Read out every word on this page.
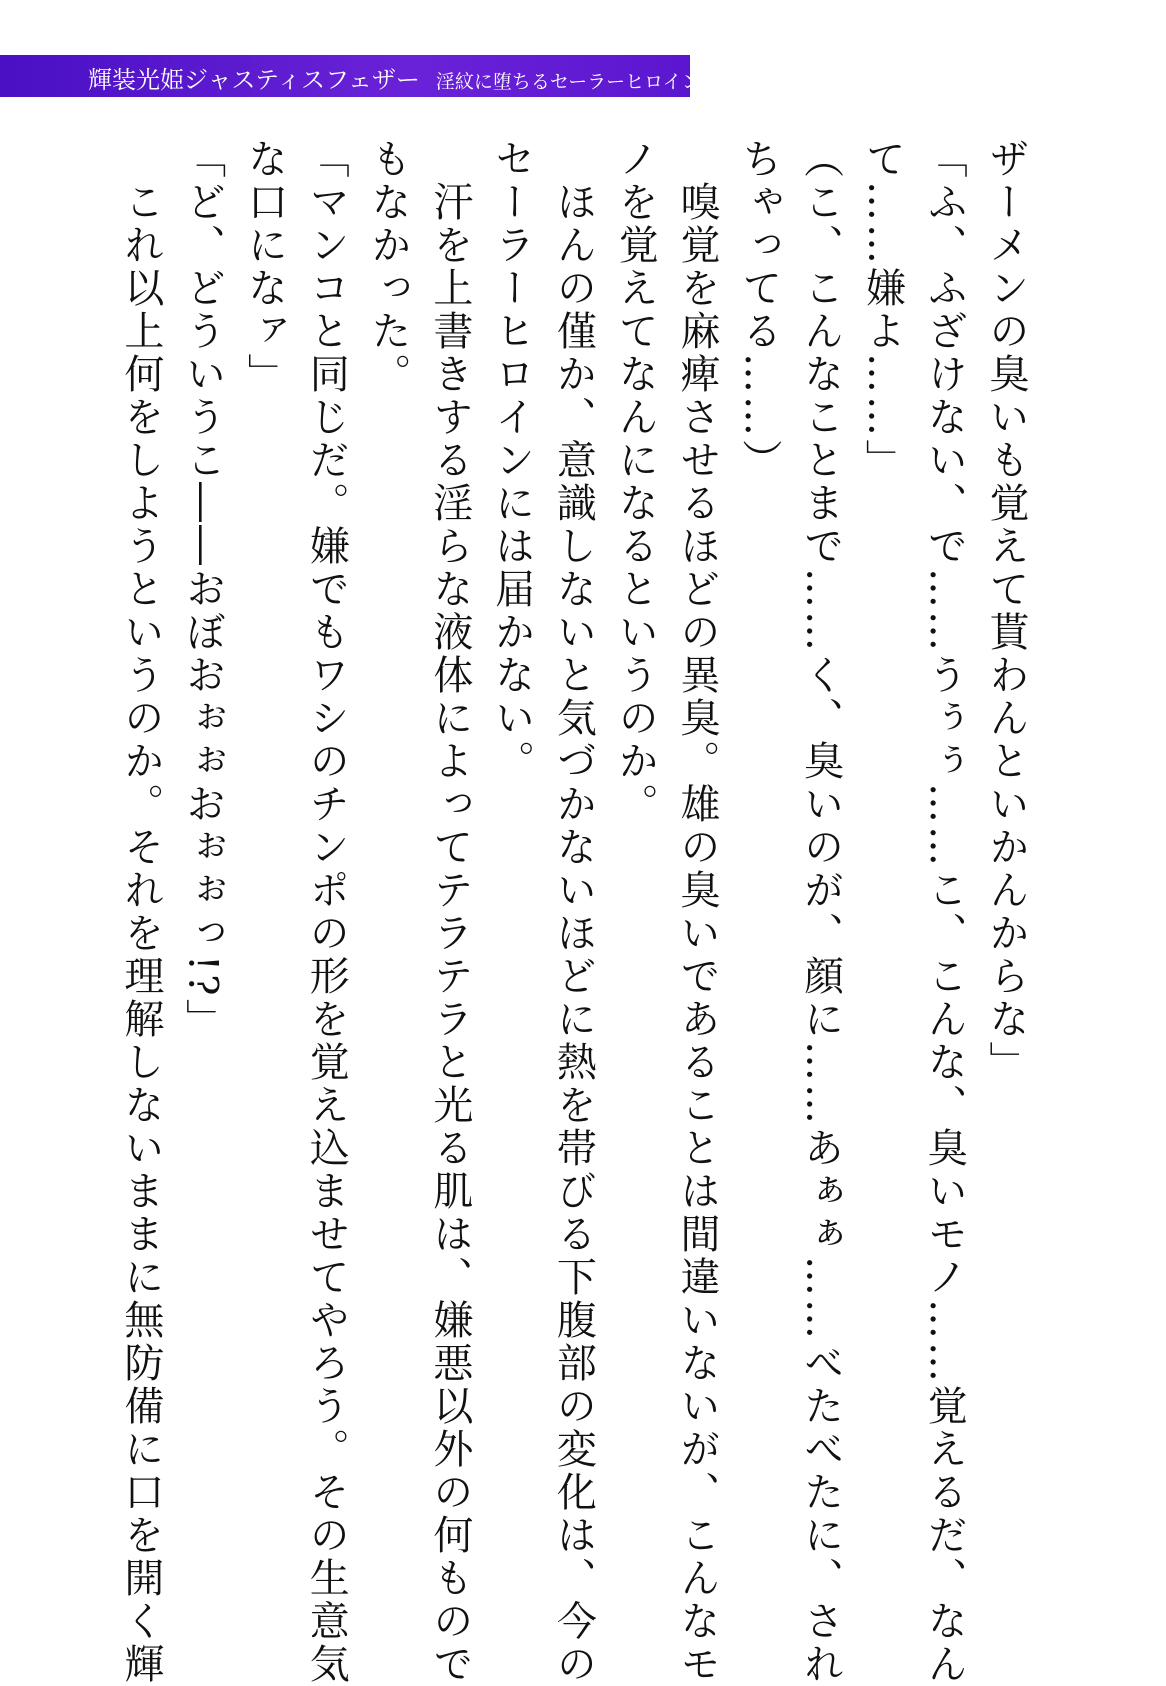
輝装光姫ジャスティスフェザー 淫紋に堕ちるセーラーヒロイン

ザーメンの臭いも覚えて貰わんといかんからな」

「ふ、ふざけない、で……うぅぅ……こ、こんな、臭いモノ……覚えるだ、なん

て……嫌よ……」

（こ、こんなことまで……く、臭いのが、顔に……あぁぁ……べたべたに、され

ちゃってる……）

　嗅覚を麻痺させるほどの異臭。雄の臭いであることは間違いないが、こんなモ

ノを覚えてなんになるというのか。

　ほんの僅か、意識しないと気づかないほどに熱を帯びる下腹部の変化は、今の

セーラーヒロインには届かない。

　汗を上書きする淫らな液体によってテラテラと光る肌は、嫌悪以外の何もので

もなかった。

「マンコと同じだ。嫌でもワシのチンポの形を覚え込ませてやろう。その生意気

な口になァ」

「ど、どういうこ――おぼおぉぉおぉぉっ!?」

　これ以上何をしようというのか。それを理解しないままに無防備に口を開く輝
